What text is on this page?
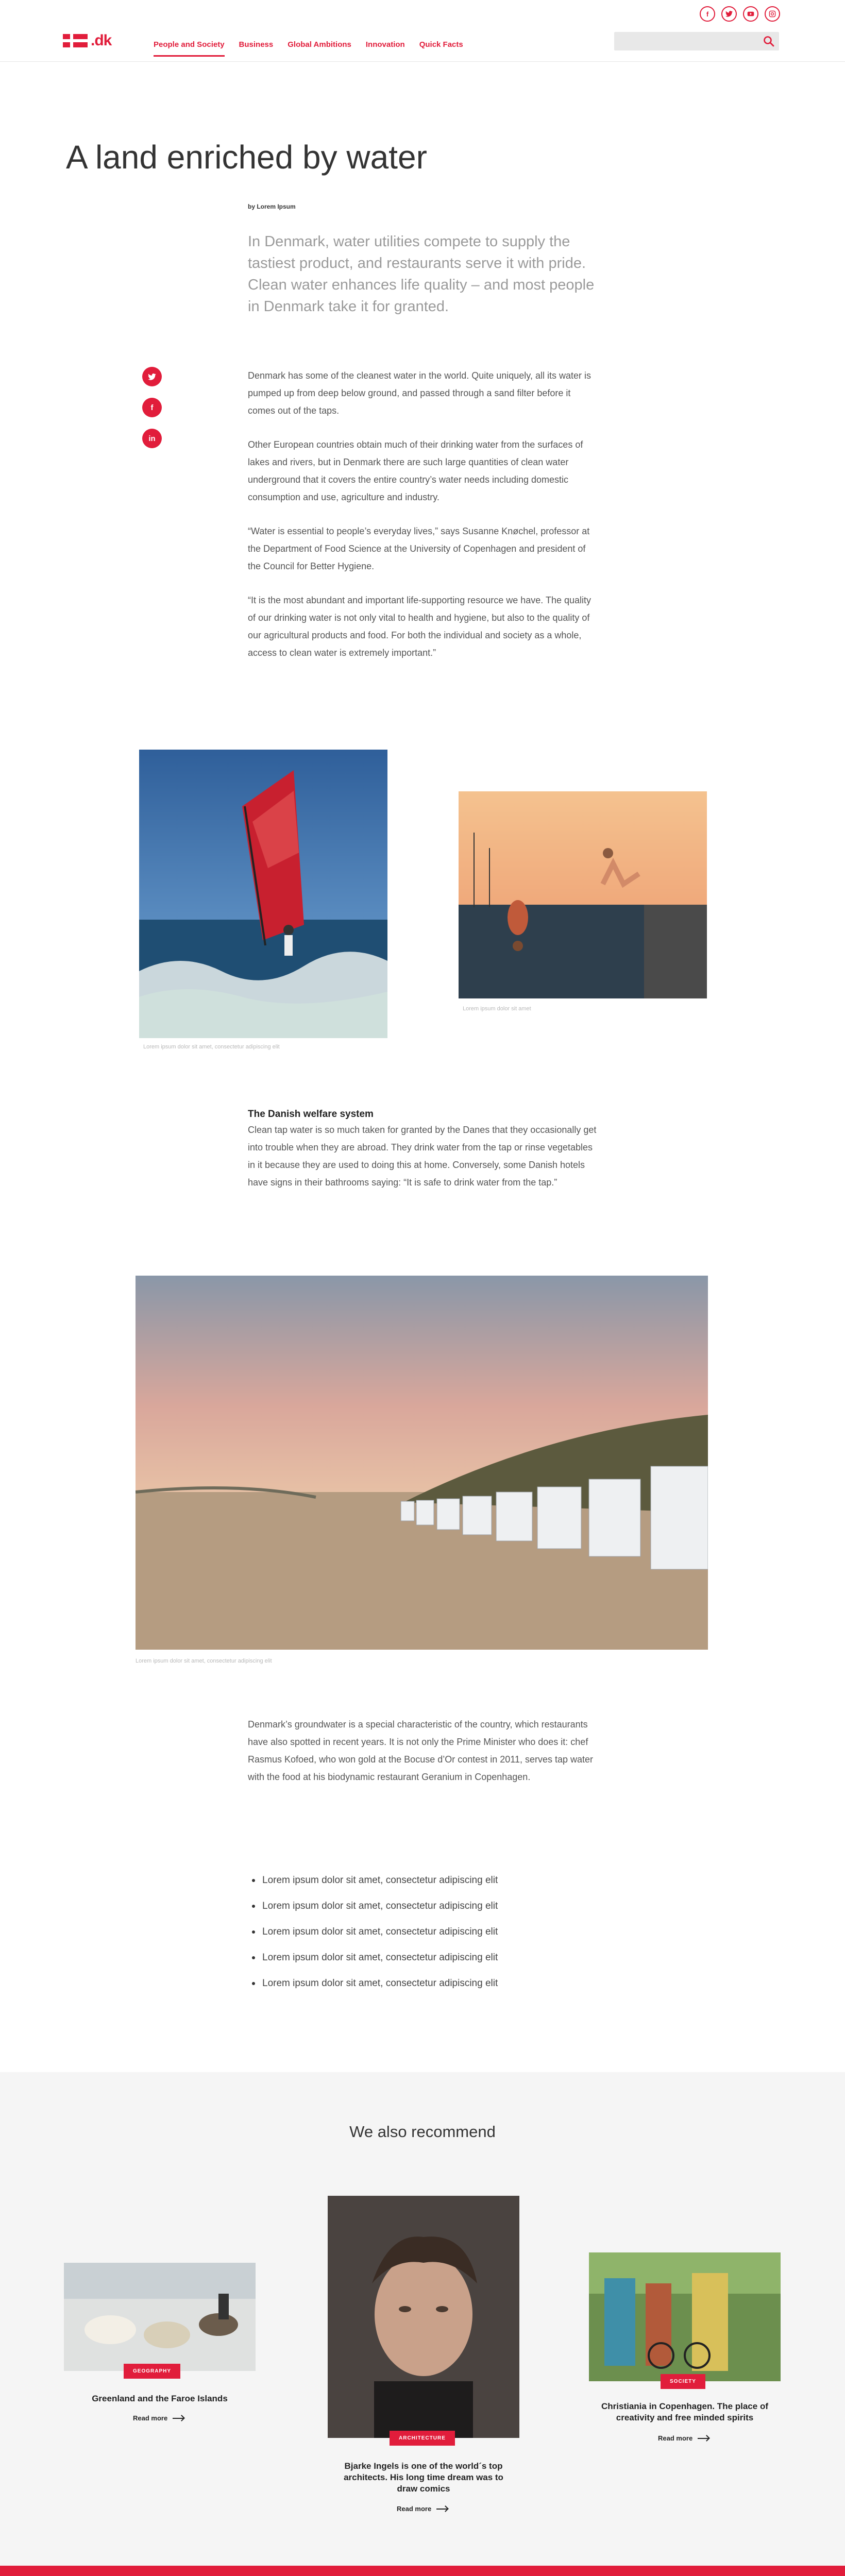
f
.dk	People and Society Business Global Ambitions Innovation Quick Facts
A land enriched by water
by Lorem Ipsum
In Denmark, water utilities compete to supply the tastiest product, and restaurants serve it with pride. Clean water enhances life quality – and most people in Denmark take it for granted.
f
in

Denmark has some of the cleanest water in the world. Quite uniquely, all its water is pumped up from deep below ground, and passed through a sand filter before it comes out of the taps.

Other European countries obtain much of their drinking water from the surfaces of lakes and rivers, but in Denmark there are such large quantities of clean water underground that it covers the entire country’s water needs including domestic consumption and use, agriculture and industry.

“Water is essential to people’s everyday lives,” says Susanne Knøchel, professor at the Department of Food Science at the University of Copenhagen and president of the Council for Better Hygiene.

“It is the most abundant and important life-supporting resource we have. The quality of our drinking water is not only vital to health and hygiene, but also to the quality of our agricultural products and food. For both the individual and society as a whole, access to clean water is extremely important.”

Lorem ipsum dolor sit amet, consectetur adipiscing elit
Lorem ipsum dolor sit amet
The Danish welfare system

Clean tap water is so much taken for granted by the Danes that they occasionally get into trouble when they are abroad. They drink water from the tap or rinse vegetables in it because they are used to doing this at home. Conversely, some Danish hotels have signs in their bathrooms saying: “It is safe to drink water from the tap.”

Lorem ipsum dolor sit amet, consectetur adipiscing elit

Denmark’s groundwater is a special characteristic of the country, which restaurants have also spotted in recent years. It is not only the Prime Minister who does it: chef Rasmus Kofoed, who won gold at the Bocuse d’Or contest in 2011, serves tap water with the food at his biodynamic restaurant Geranium in Copenhagen.

Lorem ipsum dolor sit amet, consectetur adipiscing elit
Lorem ipsum dolor sit amet, consectetur adipiscing elit
Lorem ipsum dolor sit amet, consectetur adipiscing elit
Lorem ipsum dolor sit amet, consectetur adipiscing elit
Lorem ipsum dolor sit amet, consectetur adipiscing elit
We also recommend
GEOGRAPHY
Greenland and the Faroe Islands
Read more
ARCHITECTURE
Bjarke Ingels is one of the world´s top architects. His long time dream was to draw comics
Read more
SOCIETY
Christiania in Copenhagen. The place of creativity and free minded spirits
Read more
